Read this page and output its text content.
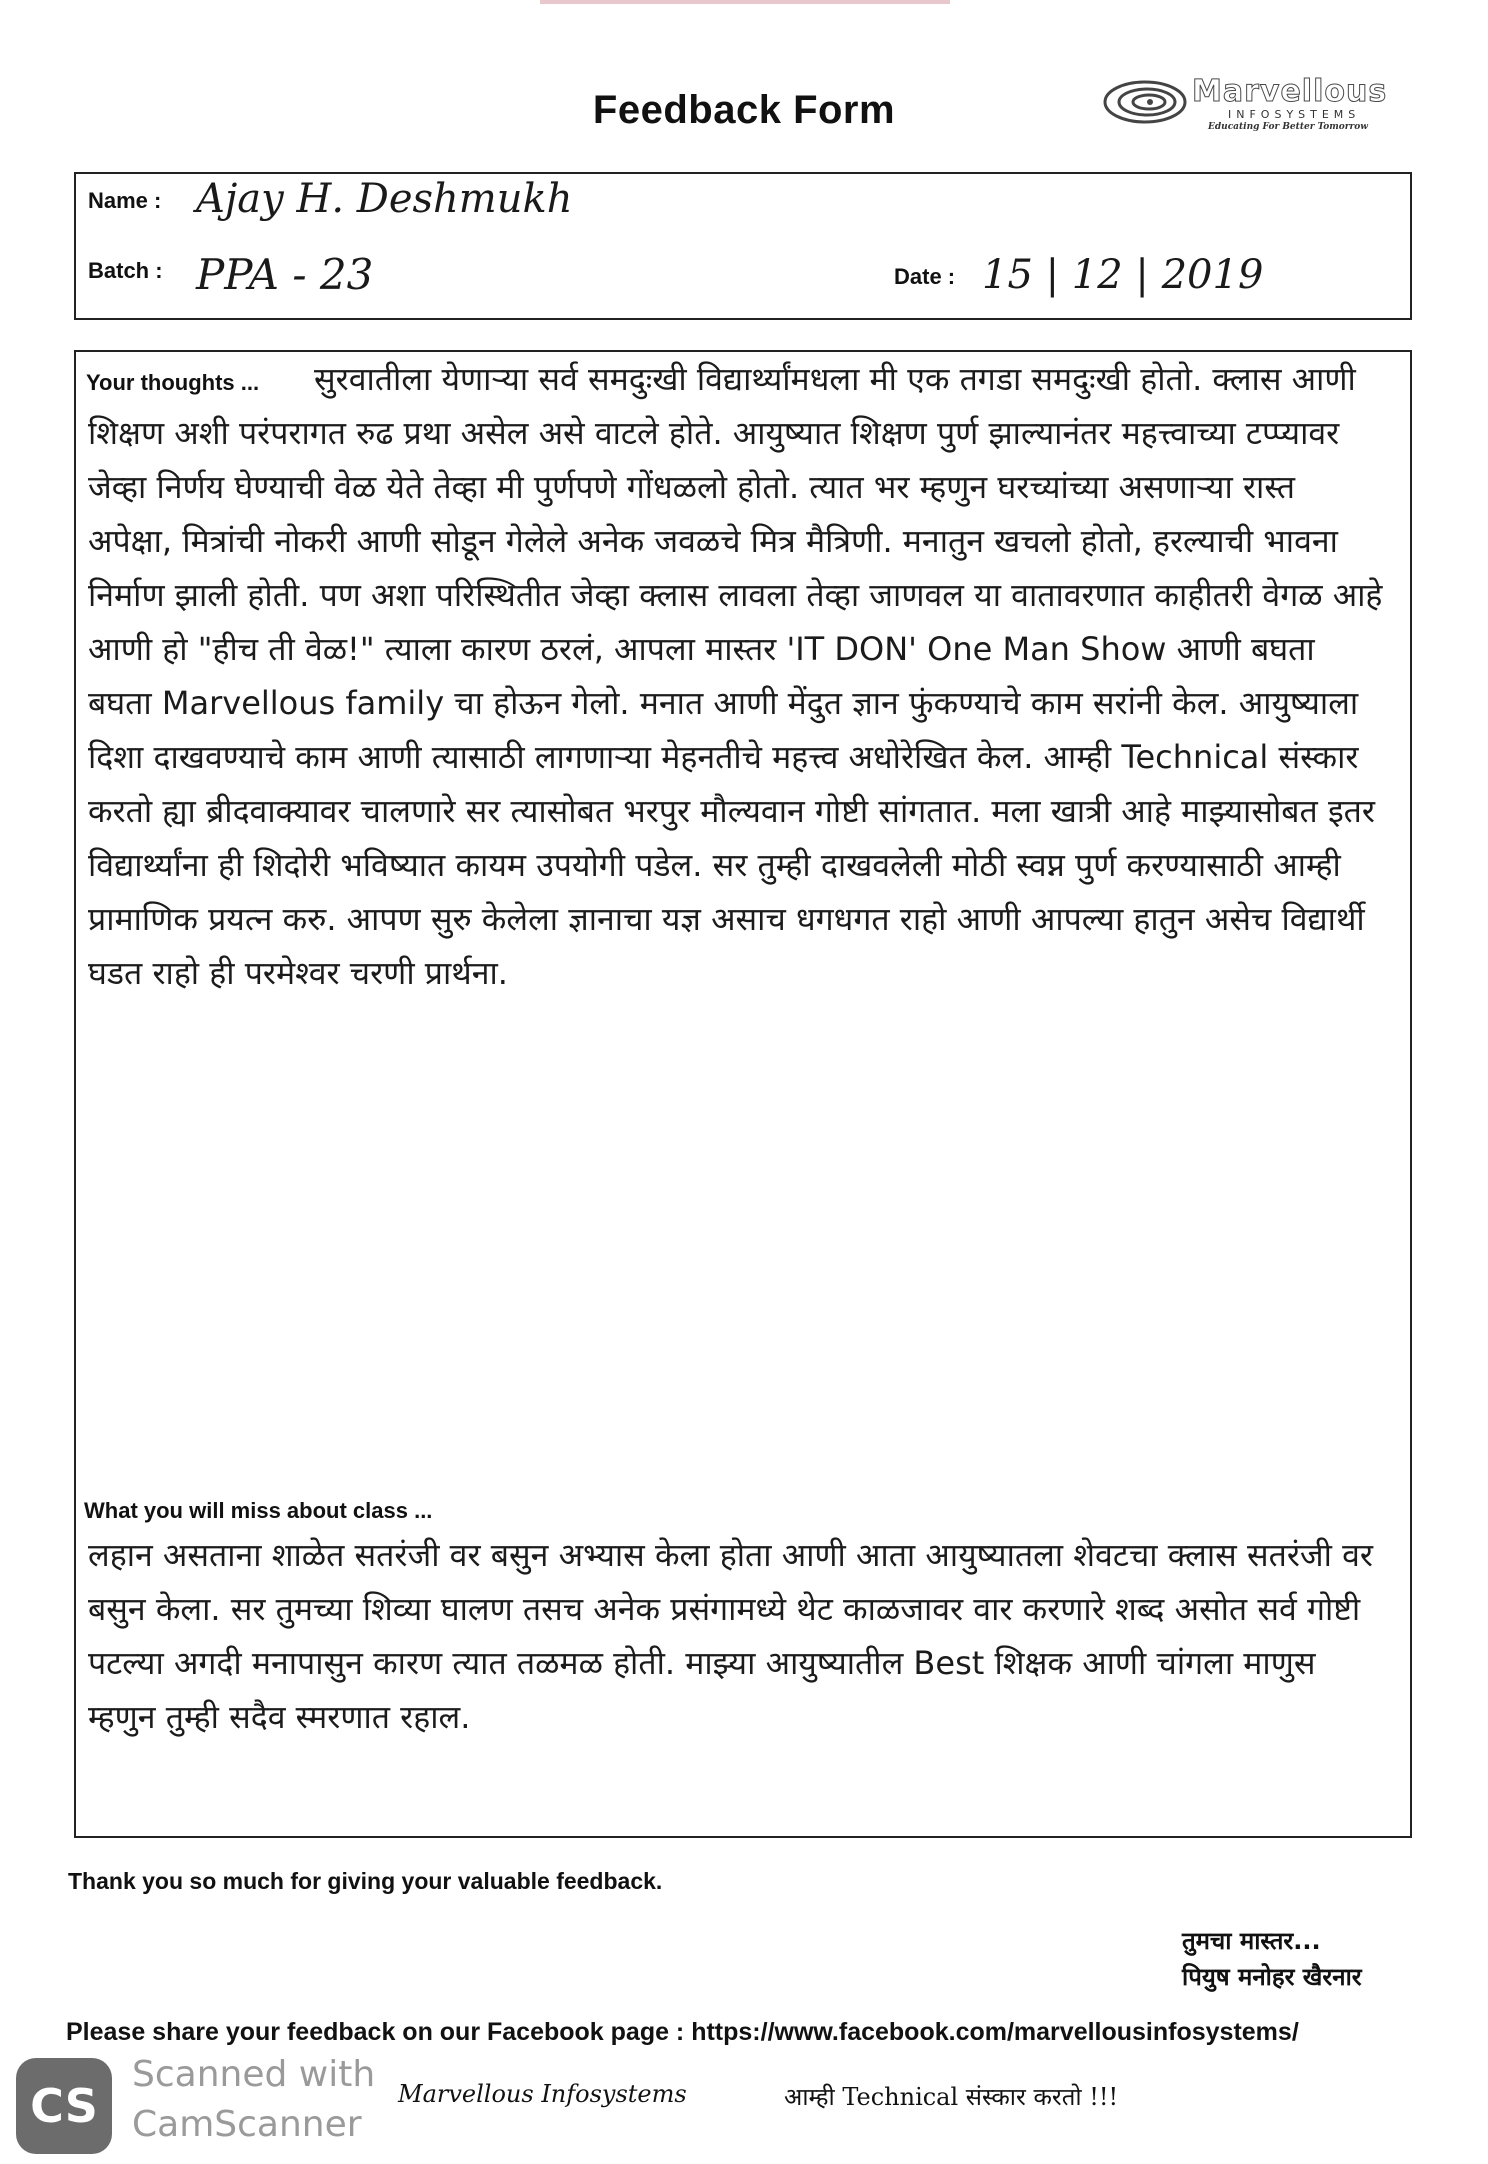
Feedback Form	Marvellous
INFOSYSTEMS
Educating For Better Tomorrow
Name : Ajay H. Deshmukh
Batch : PPA - 23	Date : 15 | 12 | 2019
Your thoughts ...	सुरवातीला येणाऱ्या सर्व समदुःखी विद्यार्थ्यांमधला मी एक तगडा समदुःखी होतो. क्लास आणी शिक्षण अशी परंपरागत रुढ प्रथा असेल असे वाटले होते. आयुष्यात शिक्षण पुर्ण झाल्यानंतर महत्त्वाच्या टप्प्यावर जेव्हा निर्णय घेण्याची वेळ येते तेव्हा मी पुर्णपणे गोंधळलो होतो. त्यात भर म्हणुन घरच्यांच्या असणाऱ्या रास्त अपेक्षा, मित्रांची नोकरी आणी सोडून गेलेले अनेक जवळचे मित्र मैत्रिणी. मनातुन खचलो होतो, हरल्याची भावना निर्माण झाली होती. पण अशा परिस्थितीत जेव्हा क्लास लावला तेव्हा जाणवल या वातावरणात काहीतरी वेगळ आहे आणी हो "हीच ती वेळ!" त्याला कारण ठरलं, आपला मास्तर 'IT DON' One Man Show आणी बघता बघता Marvellous family चा होऊन गेलो. मनात आणी मेंदुत ज्ञान फुंकण्याचे काम सरांनी केल. आयुष्याला दिशा दाखवण्याचे काम आणी त्यासाठी लागणाऱ्या मेहनतीचे महत्त्व अधोरेखित केल. आम्ही Technical संस्कार करतो ह्या ब्रीदवाक्यावर चालणारे सर त्यासोबत भरपुर मौल्यवान गोष्टी सांगतात. मला खात्री आहे माझ्यासोबत इतर विद्यार्थ्यांना ही शिदोरी भविष्यात कायम उपयोगी पडेल. सर तुम्ही दाखवलेली मोठी स्वप्न पुर्ण करण्यासाठी आम्ही प्रामाणिक प्रयत्न करु. आपण सुरु केलेला ज्ञानाचा यज्ञ असाच धगधगत राहो आणी आपल्या हातुन असेच विद्यार्थी घडत राहो ही परमेश्वर चरणी प्रार्थना.
What you will miss about class ...
लहान असताना शाळेत सतरंजी वर बसुन अभ्यास केला होता आणी आता आयुष्यातला शेवटचा क्लास सतरंजी वर बसुन केला. सर तुमच्या शिव्या घालण तसच अनेक प्रसंगामध्ये थेट काळजावर वार करणारे शब्द असोत सर्व गोष्टी पटल्या अगदी मनापासुन कारण त्यात तळमळ होती. माझ्या आयुष्यातील Best शिक्षक आणी चांगला माणुस म्हणुन तुम्ही सदैव स्मरणात रहाल.
Thank you so much for giving your valuable feedback.
तुमचा मास्तर...
पियुष मनोहर खैरनार
Please share your feedback on our Facebook page : https://www.facebook.com/marvellousinfosystems/
CS
Scanned with
CamScanner
Marvellous Infosystems	आम्ही Technical संस्कार करतो !!!
